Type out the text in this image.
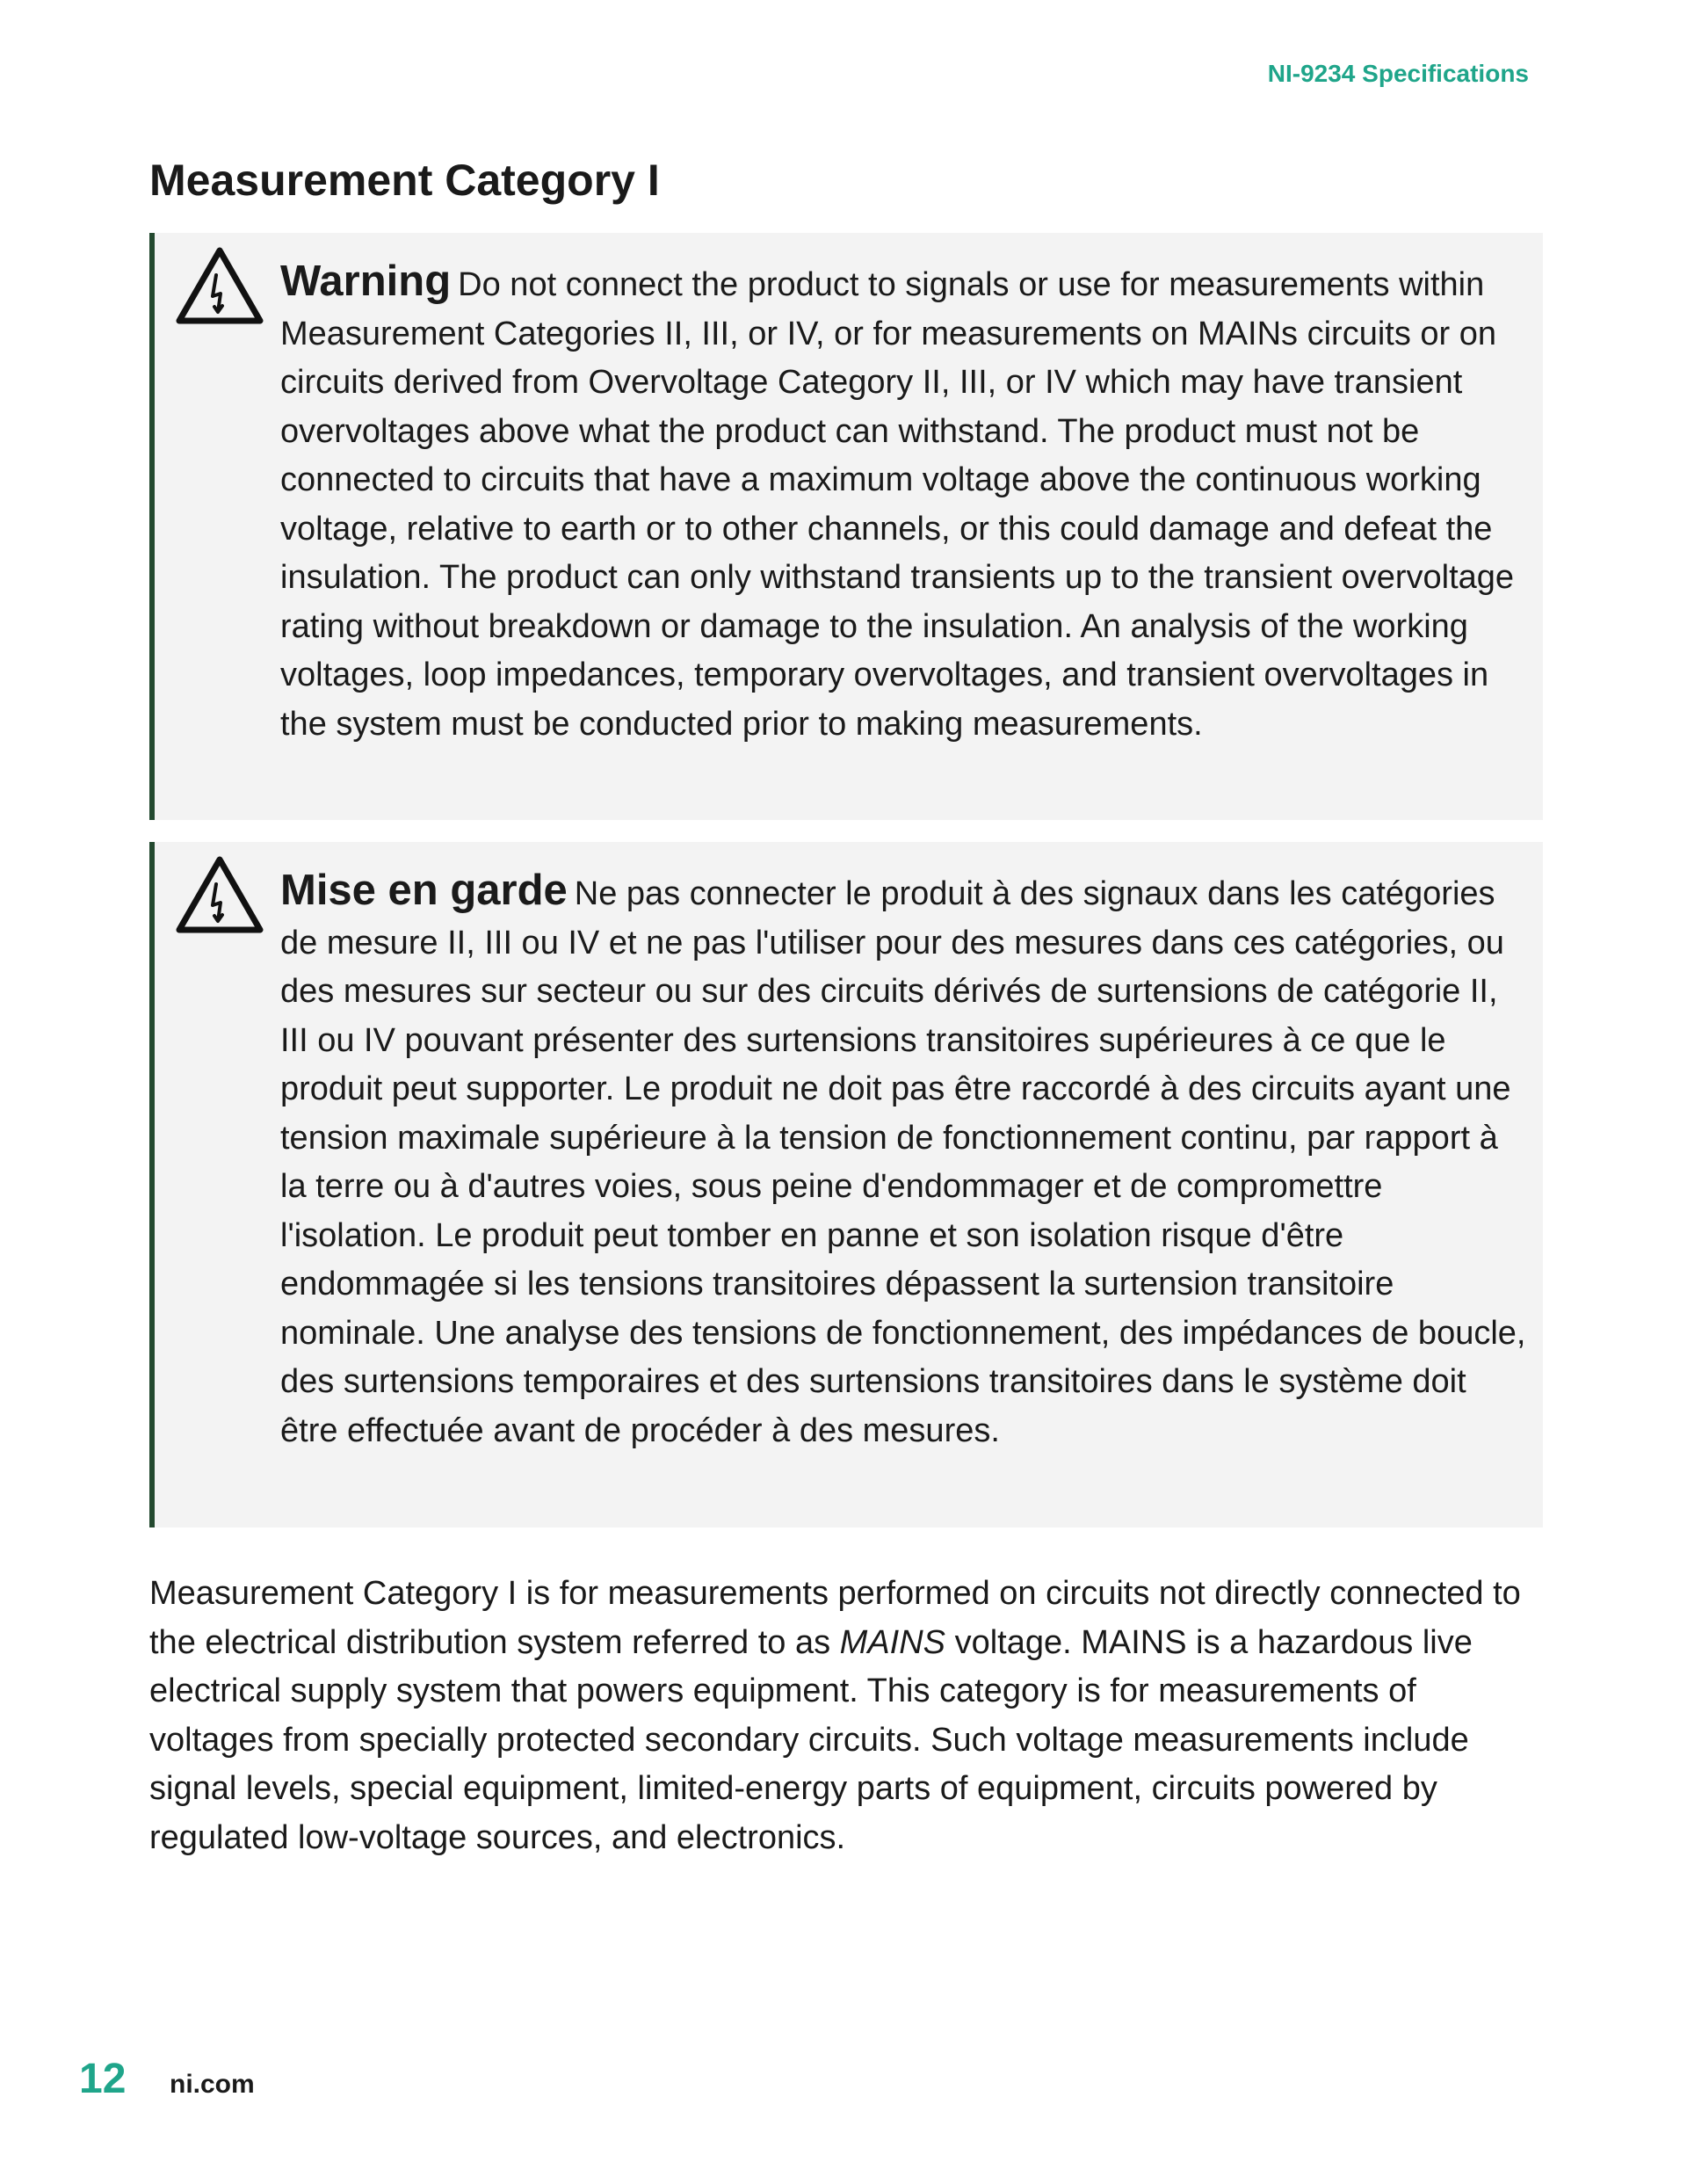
NI-9234 Specifications
Measurement Category I
Warning Do not connect the product to signals or use for measurements within Measurement Categories II, III, or IV, or for measurements on MAINs circuits or on circuits derived from Overvoltage Category II, III, or IV which may have transient overvoltages above what the product can withstand. The product must not be connected to circuits that have a maximum voltage above the continuous working voltage, relative to earth or to other channels, or this could damage and defeat the insulation. The product can only withstand transients up to the transient overvoltage rating without breakdown or damage to the insulation. An analysis of the working voltages, loop impedances, temporary overvoltages, and transient overvoltages in the system must be conducted prior to making measurements.
Mise en garde Ne pas connecter le produit à des signaux dans les catégories de mesure II, III ou IV et ne pas l'utiliser pour des mesures dans ces catégories, ou des mesures sur secteur ou sur des circuits dérivés de surtensions de catégorie II, III ou IV pouvant présenter des surtensions transitoires supérieures à ce que le produit peut supporter. Le produit ne doit pas être raccordé à des circuits ayant une tension maximale supérieure à la tension de fonctionnement continu, par rapport à la terre ou à d'autres voies, sous peine d'endommager et de compromettre l'isolation. Le produit peut tomber en panne et son isolation risque d'être endommagée si les tensions transitoires dépassent la surtension transitoire nominale. Une analyse des tensions de fonctionnement, des impédances de boucle, des surtensions temporaires et des surtensions transitoires dans le système doit être effectuée avant de procéder à des mesures.

Measurement Category I is for measurements performed on circuits not directly connected to the electrical distribution system referred to as MAINS voltage. MAINS is a hazardous live electrical supply system that powers equipment. This category is for measurements of voltages from specially protected secondary circuits. Such voltage measurements include signal levels, special equipment, limited-energy parts of equipment, circuits powered by regulated low-voltage sources, and electronics.

12 ni.com
